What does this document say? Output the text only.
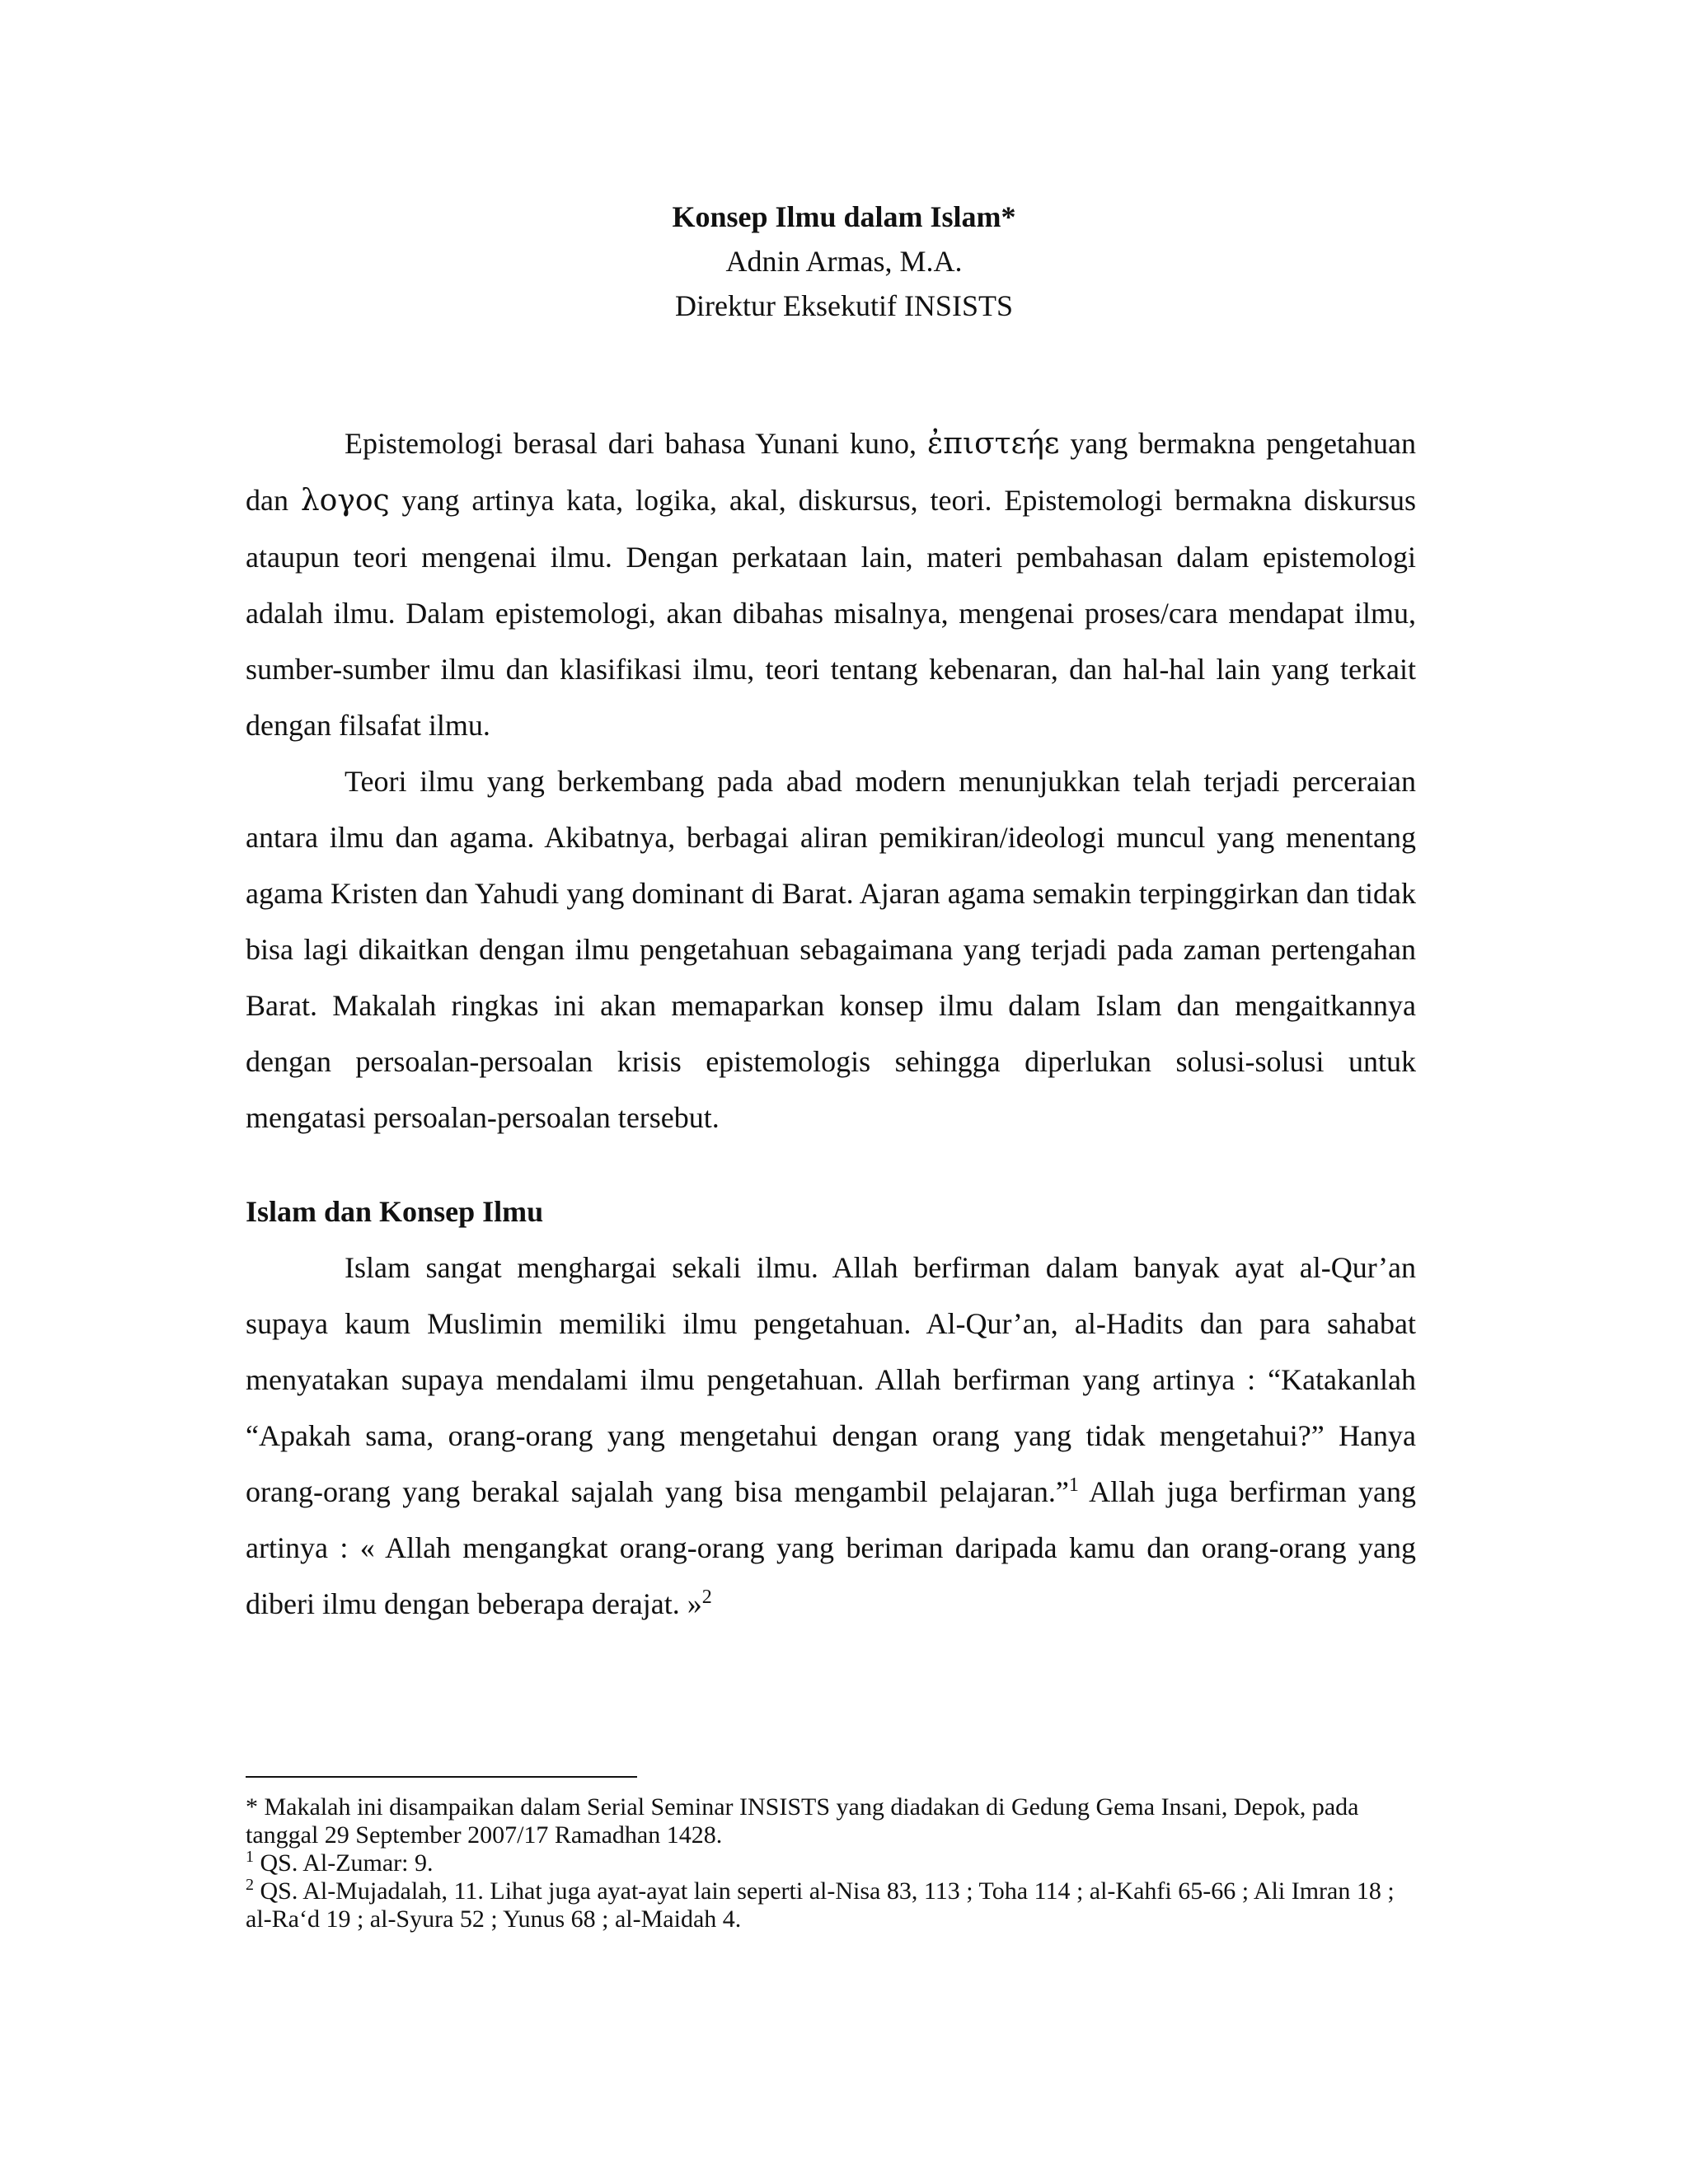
Konsep Ilmu dalam Islam*
Adnin Armas, M.A.
Direktur Eksekutif INSISTS

Epistemologi berasal dari bahasa Yunani kuno, ἐπιστεήε yang bermakna pengetahuan dan λογος yang artinya kata, logika, akal, diskursus, teori. Epistemologi bermakna diskursus ataupun teori mengenai ilmu. Dengan perkataan lain, materi pembahasan dalam epistemologi adalah ilmu. Dalam epistemologi, akan dibahas misalnya, mengenai proses/cara mendapat ilmu, sumber-sumber ilmu dan klasifikasi ilmu, teori tentang kebenaran, dan hal-hal lain yang terkait dengan filsafat ilmu.

Teori ilmu yang berkembang pada abad modern menunjukkan telah terjadi perceraian antara ilmu dan agama. Akibatnya, berbagai aliran pemikiran/ideologi muncul yang menentang agama Kristen dan Yahudi yang dominant di Barat. Ajaran agama semakin terpinggirkan dan tidak bisa lagi dikaitkan dengan ilmu pengetahuan sebagaimana yang terjadi pada zaman pertengahan Barat. Makalah ringkas ini akan memaparkan konsep ilmu dalam Islam dan mengaitkannya dengan persoalan-persoalan krisis epistemologis sehingga diperlukan solusi-solusi untuk mengatasi persoalan-persoalan tersebut.

Islam dan Konsep Ilmu

Islam sangat menghargai sekali ilmu. Allah berfirman dalam banyak ayat al-Qur’an supaya kaum Muslimin memiliki ilmu pengetahuan. Al-Qur’an, al-Hadits dan para sahabat menyatakan supaya mendalami ilmu pengetahuan. Allah berfirman yang artinya : “Katakanlah “Apakah sama, orang-orang yang mengetahui dengan orang yang tidak mengetahui?” Hanya orang-orang yang berakal sajalah yang bisa mengambil pelajaran.”$^1$ Allah juga berfirman yang artinya : « Allah mengangkat orang-orang yang beriman daripada kamu dan orang-orang yang diberi ilmu dengan beberapa derajat. »$^2$

* Makalah ini disampaikan dalam Serial Seminar INSISTS yang diadakan di Gedung Gema Insani, Depok, pada tanggal 29 September 2007/17 Ramadhan 1428.

$^1$ QS. Al-Zumar: 9.

$^2$ QS. Al-Mujadalah, 11. Lihat juga ayat-ayat lain seperti al-Nisa 83, 113 ; Toha 114 ; al-Kahfi 65-66 ; Ali Imran 18 ; al-Ra‘d 19 ; al-Syura 52 ; Yunus 68 ; al-Maidah 4.
